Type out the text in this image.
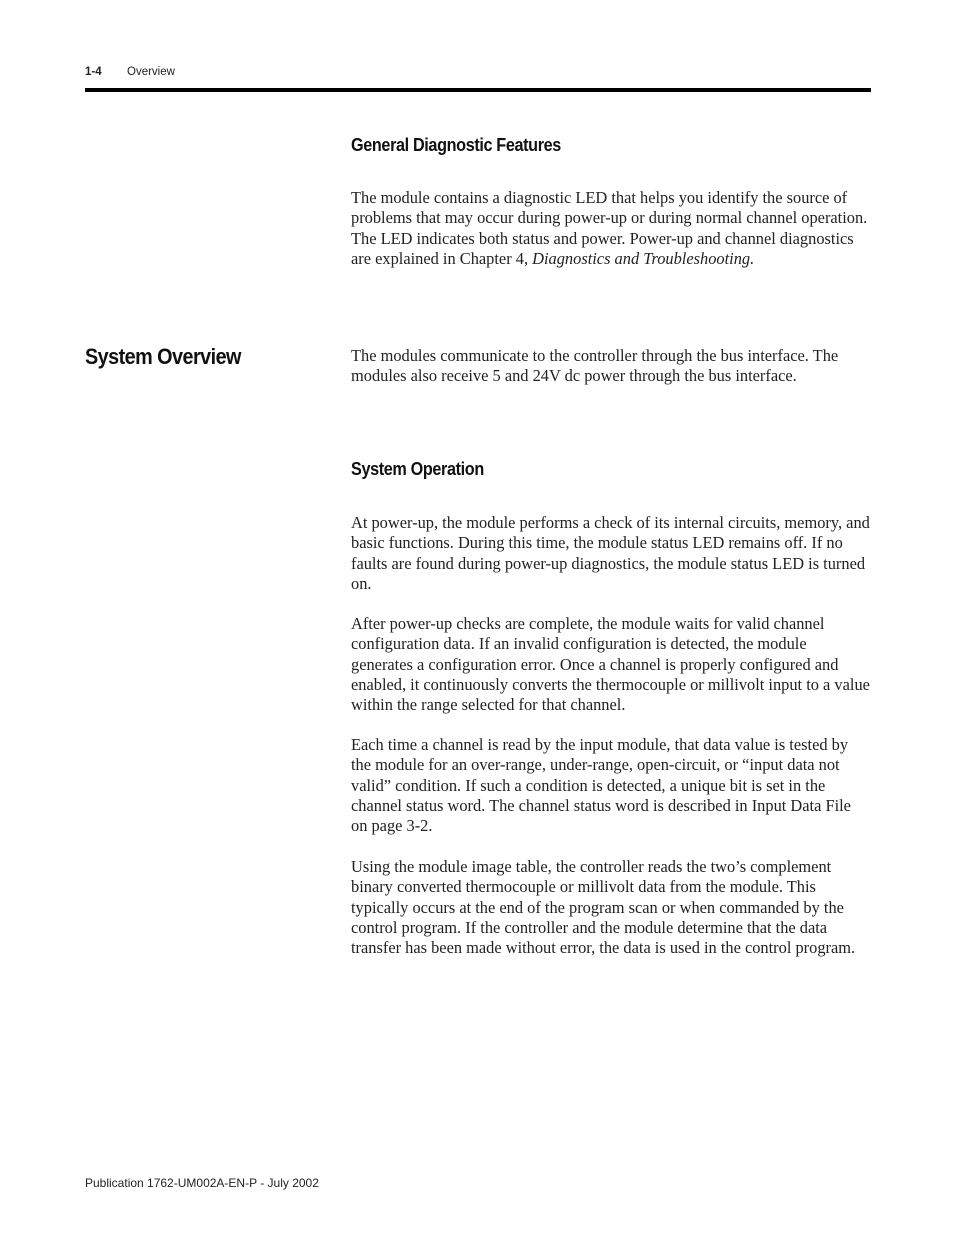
1-4 Overview
General Diagnostic Features

The module contains a diagnostic LED that helps you identify the source of problems that may occur during power-up or during normal channel operation. The LED indicates both status and power. Power-up and channel diagnostics are explained in Chapter 4, Diagnostics and Troubleshooting.

System Overview	The modules communicate to the controller through the bus interface. The modules also receive 5 and 24V dc power through the bus interface.

System Operation

At power-up, the module performs a check of its internal circuits, memory, and basic functions. During this time, the module status LED remains off. If no faults are found during power-up diagnostics, the module status LED is turned on.

After power-up checks are complete, the module waits for valid channel configuration data. If an invalid configuration is detected, the module generates a configuration error. Once a channel is properly configured and enabled, it continuously converts the thermocouple or millivolt input to a value within the range selected for that channel.

Each time a channel is read by the input module, that data value is tested by the module for an over-range, under-range, open-circuit, or “input data not valid” condition. If such a condition is detected, a unique bit is set in the channel status word. The channel status word is described in Input Data File on page 3-2.

Using the module image table, the controller reads the two’s complement binary converted thermocouple or millivolt data from the module. This typically occurs at the end of the program scan or when commanded by the control program. If the controller and the module determine that the data transfer has been made without error, the data is used in the control program.

Publication 1762-UM002A-EN-P - July 2002
